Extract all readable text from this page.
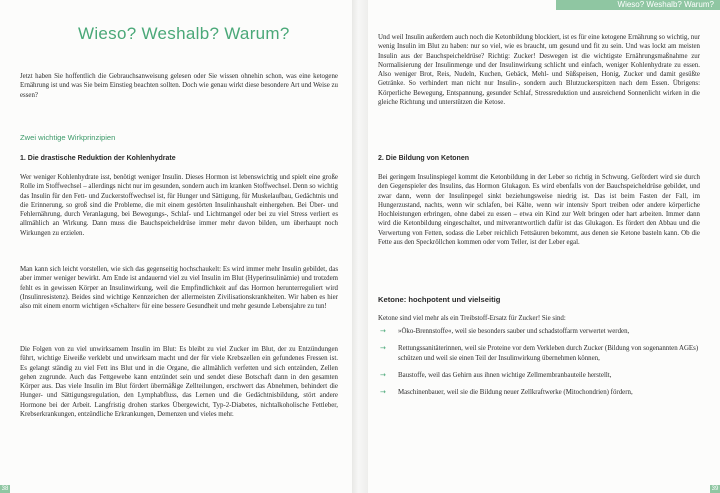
Wieso? Weshalb? Warum?

Jetzt haben Sie hoffentlich die Gebrauchsanweisung gelesen oder Sie wissen ohnehin schon, was eine ketogene Ernährung ist und was Sie beim Einstieg beachten sollten. Doch wie genau wirkt diese besondere Art und Weise zu essen?

Zwei wichtige Wirkprinzipien
1. Die drastische Reduktion der Kohlenhydrate

Wer weniger Kohlenhydrate isst, benötigt weniger Insulin. Dieses Hormon ist lebenswichtig und spielt eine große Rolle im Stoffwechsel – allerdings nicht nur im gesunden, sondern auch im kranken Stoffwechsel. Denn so wichtig das Insulin für den Fett- und Zuckerstoffwechsel ist, für Hunger und Sättigung, für Muskelaufbau, Gedächtnis und die Erinnerung, so groß sind die Probleme, die mit einem gestörten Insulinhaushalt einhergehen. Bei Über- und Fehlernährung, durch Veranlagung, bei Bewegungs-, Schlaf- und Lichtmangel oder bei zu viel Stress verliert es allmählich an Wirkung. Dann muss die Bauchspeicheldrüse immer mehr davon bilden, um überhaupt noch Wirkungen zu erzielen.

Man kann sich leicht vorstellen, wie sich das gegenseitig hochschaukelt: Es wird immer mehr Insulin gebildet, das aber immer weniger bewirkt. Am Ende ist andauernd viel zu viel Insulin im Blut (Hyperinsulinämie) und trotzdem fehlt es in gewissen Körper an Insulinwirkung, weil die Empfindlichkeit auf das Hormon herunterreguliert wird (Insulinresistenz). Beides sind wichtige Kennzeichen der allermeisten Zivilisationskrankheiten. Wir haben es hier also mit einem enorm wichtigen »Schalter« für eine bessere Gesundheit und mehr gesunde Lebensjahre zu tun!

Die Folgen von zu viel unwirksamem Insulin im Blut: Es bleibt zu viel Zucker im Blut, der zu Entzündungen führt, wichtige Eiweiße verklebt und unwirksam macht und der für viele Krebszellen ein gefundenes Fressen ist. Es gelangt ständig zu viel Fett ins Blut und in die Organe, die allmählich verfetten und sich entzünden, Zellen gehen zugrunde. Auch das Fettgewebe kann entzündet sein und sendet diese Botschaft dann in den gesamten Körper aus. Das viele Insulin im Blut fördert übermäßige Zellteilungen, erschwert das Abnehmen, behindert die Hunger- und Sättigungsregulation, den Lymphabfluss, das Lernen und die Gedächtnisbildung, stört andere Hormone bei der Arbeit. Langfristig drohen starkes Übergewicht, Typ-2-Diabetes, nichtalkoholische Fettleber, Krebserkrankungen, entzündliche Erkrankungen, Demenzen und vieles mehr.

38
Wieso? Weshalb? Warum?

Und weil Insulin außerdem auch noch die Ketonbildung blockiert, ist es für eine ketogene Ernährung so wichtig, nur wenig Insulin im Blut zu haben: nur so viel, wie es braucht, um gesund und fit zu sein. Und was lockt am meisten Insulin aus der Bauchspeicheldrüse? Richtig: Zucker! Deswegen ist die wichtigste Ernährungsmaßnahme zur Normalisierung der Insulinmenge und der Insulinwirkung schlicht und einfach, weniger Kohlenhydrate zu essen. Also weniger Brot, Reis, Nudeln, Kuchen, Gebäck, Mehl- und Süßspeisen, Honig, Zucker und damit gesüßte Getränke. So verhindert man nicht nur Insulin-, sondern auch Blutzuckerspitzen nach dem Essen. Übrigens: Körperliche Bewegung, Entspannung, gesunder Schlaf, Stressreduktion und ausreichend Sonnenlicht wirken in die gleiche Richtung und unterstützen die Ketose.

2. Die Bildung von Ketonen

Bei geringem Insulinspiegel kommt die Ketonbildung in der Leber so richtig in Schwung. Gefördert wird sie durch den Gegenspieler des Insulins, das Hormon Glukagon. Es wird ebenfalls von der Bauchspeicheldrüse gebildet, und zwar dann, wenn der Insulinpegel sinkt beziehungsweise niedrig ist. Das ist beim Fasten der Fall, im Hungerzustand, nachts, wenn wir schlafen, bei Kälte, wenn wir intensiv Sport treiben oder andere körperliche Hochleistungen erbringen, ohne dabei zu essen – etwa ein Kind zur Welt bringen oder hart arbeiten. Immer dann wird die Ketonbildung eingeschaltet, und mitverantwortlich dafür ist das Glukagon. Es fördert den Abbau und die Verwertung von Fetten, sodass die Leber reichlich Fettsäuren bekommt, aus denen sie Ketone basteln kann. Ob die Fette aus den Speckröllchen kommen oder vom Teller, ist der Leber egal.

Ketone: hochpotent und vielseitig

Ketone sind viel mehr als ein Treibstoff-Ersatz für Zucker! Sie sind:

→ »Öko-Brennstoffe«, weil sie besonders sauber und schadstoffarm verwertet werden,
→ Rettungssanitäterinnen, weil sie Proteine vor dem Verkleben durch Zucker (Bildung von sogenannten AGEs) schützen und weil sie einen Teil der Insulinwirkung übernehmen können,
→ Baustoffe, weil das Gehirn aus ihnen wichtige Zellmembranbauteile herstellt,
→ Maschinenbauer, weil sie die Bildung neuer Zellkraftwerke (Mitochondrien) fördern,
39
